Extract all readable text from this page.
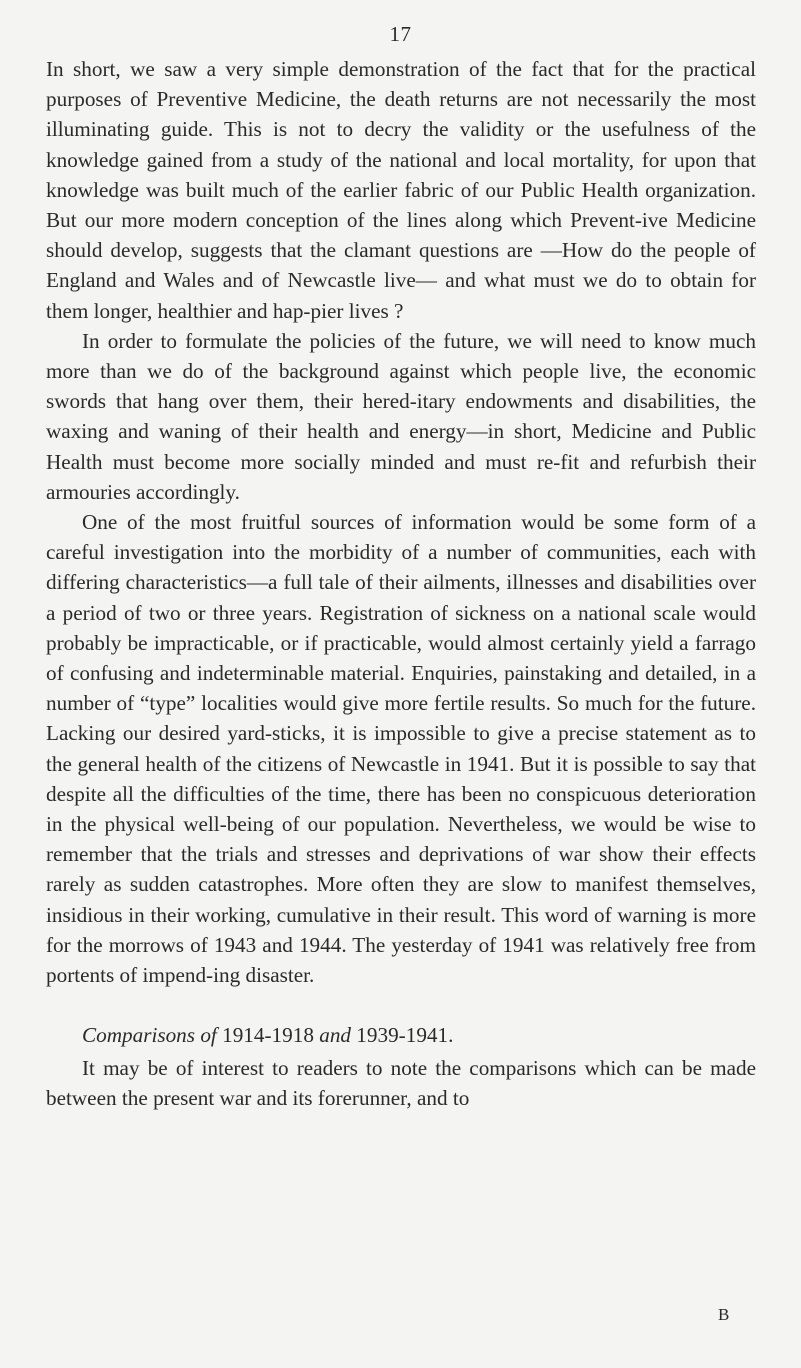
17

In short, we saw a very simple demonstration of the fact that for the practical purposes of Preventive Medicine, the death returns are not necessarily the most illuminating guide. This is not to decry the validity or the usefulness of the knowledge gained from a study of the national and local mortality, for upon that knowledge was built much of the earlier fabric of our Public Health organization. But our more modern conception of the lines along which Prevent-ive Medicine should develop, suggests that the clamant questions are —How do the people of England and Wales and of Newcastle live— and what must we do to obtain for them longer, healthier and hap-pier lives ?

In order to formulate the policies of the future, we will need to know much more than we do of the background against which people live, the economic swords that hang over them, their hered-itary endowments and disabilities, the waxing and waning of their health and energy—in short, Medicine and Public Health must become more socially minded and must re-fit and refurbish their armouries accordingly.

One of the most fruitful sources of information would be some form of a careful investigation into the morbidity of a number of communities, each with differing characteristics—a full tale of their ailments, illnesses and disabilities over a period of two or three years. Registration of sickness on a national scale would probably be impracticable, or if practicable, would almost certainly yield a farrago of confusing and indeterminable material. Enquiries, painstaking and detailed, in a number of “type” localities would give more fertile results. So much for the future. Lacking our desired yard-sticks, it is impossible to give a precise statement as to the general health of the citizens of Newcastle in 1941. But it is possible to say that despite all the difficulties of the time, there has been no conspicuous deterioration in the physical well-being of our population. Nevertheless, we would be wise to remember that the trials and stresses and deprivations of war show their effects rarely as sudden catastrophes. More often they are slow to manifest themselves, insidious in their working, cumulative in their result. This word of warning is more for the morrows of 1943 and 1944. The yesterday of 1941 was relatively free from portents of impend-ing disaster.

Comparisons of 1914-1918 and 1939-1941.

It may be of interest to readers to note the comparisons which can be made between the present war and its forerunner, and to

B
